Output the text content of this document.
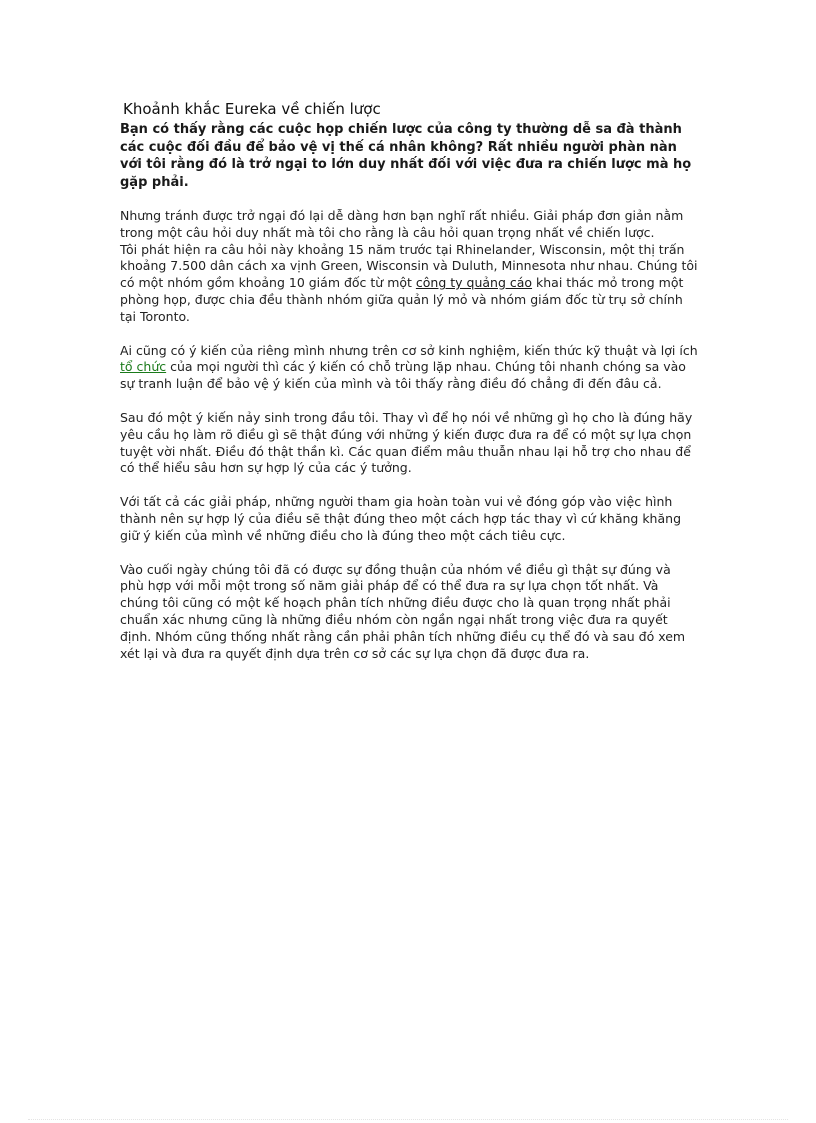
Khoảnh khắc Eureka về chiến lược

Bạn có thấy rằng các cuộc họp chiến lược của công ty thường dễ sa đà thành các cuộc đối đầu để bảo vệ vị thế cá nhân không? Rất nhiều người phàn nàn với tôi rằng đó là trở ngại to lớn duy nhất đối với việc đưa ra chiến lược mà họ gặp phải.

Nhưng tránh được trở ngại đó lại dễ dàng hơn bạn nghĩ rất nhiều. Giải pháp đơn giản nằm trong một câu hỏi duy nhất mà tôi cho rằng là câu hỏi quan trọng nhất về chiến lược.

Tôi phát hiện ra câu hỏi này khoảng 15 năm trước tại Rhinelander, Wisconsin, một thị trấn khoảng 7.500 dân cách xa vịnh Green, Wisconsin và Duluth, Minnesota như nhau. Chúng tôi có một nhóm gồm khoảng 10 giám đốc từ một công ty quảng cáo khai thác mỏ trong một phòng họp, được chia đều thành nhóm giữa quản lý mỏ và nhóm giám đốc từ trụ sở chính tại Toronto.

Ai cũng có ý kiến của riêng mình nhưng trên cơ sở kinh nghiệm, kiến thức kỹ thuật và lợi ích tổ chức của mọi người thì các ý kiến có chỗ trùng lặp nhau. Chúng tôi nhanh chóng sa vào sự tranh luận để bảo vệ ý kiến của mình và tôi thấy rằng điều đó chẳng đi đến đâu cả.

Sau đó một ý kiến nảy sinh trong đầu tôi. Thay vì để họ nói về những gì họ cho là đúng hãy yêu cầu họ làm rõ điều gì sẽ thật đúng với những ý kiến được đưa ra để có một sự lựa chọn tuyệt vời nhất. Điều đó thật thần kì. Các quan điểm mâu thuẫn nhau lại hỗ trợ cho nhau để có thể hiểu sâu hơn sự hợp lý của các ý tưởng.

Với tất cả các giải pháp, những người tham gia hoàn toàn vui vẻ đóng góp vào việc hình thành nên sự hợp lý của điều sẽ thật đúng theo một cách hợp tác thay vì cứ khăng khăng giữ ý kiến của mình về những điều cho là đúng theo một cách tiêu cực.

Vào cuối ngày chúng tôi đã có được sự đồng thuận của nhóm về điều gì thật sự đúng và phù hợp với mỗi một trong số năm giải pháp để có thể đưa ra sự lựa chọn tốt nhất. Và chúng tôi cũng có một kế hoạch phân tích những điều được cho là quan trọng nhất phải chuẩn xác nhưng cũng là những điều nhóm còn ngần ngại nhất trong việc đưa ra quyết định. Nhóm cũng thống nhất rằng cần phải phân tích những điều cụ thể đó và sau đó xem xét lại và đưa ra quyết định dựa trên cơ sở các sự lựa chọn đã được đưa ra.
